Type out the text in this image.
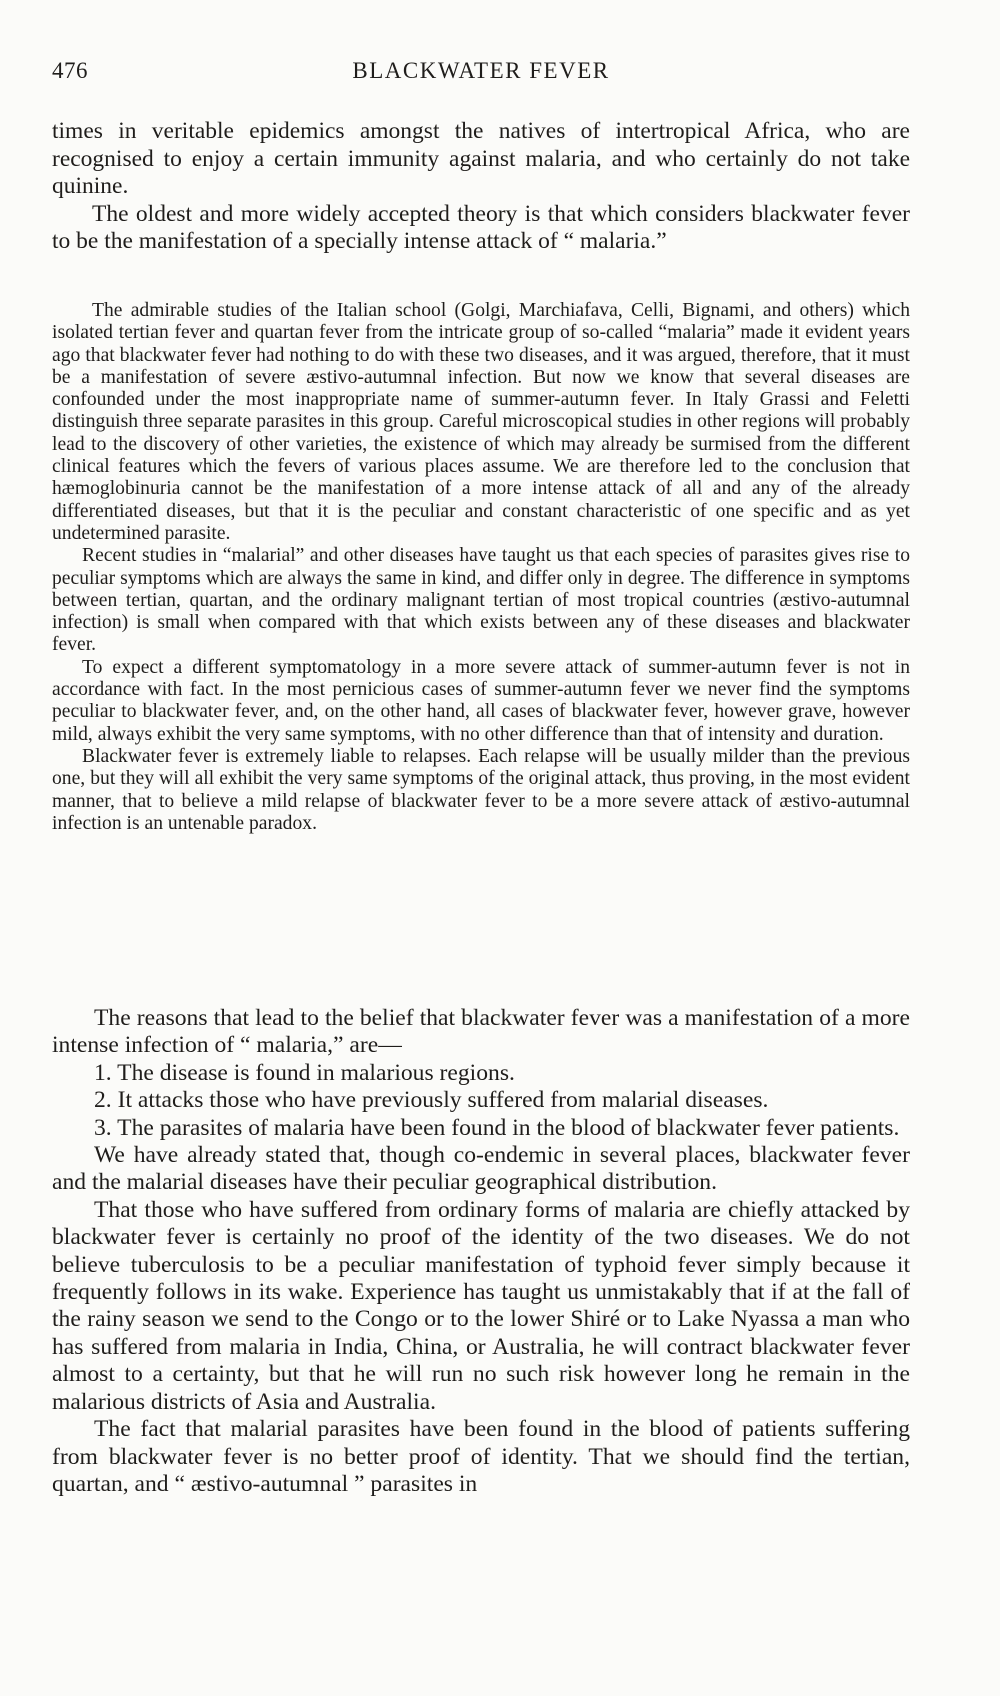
476	BLACKWATER FEVER

times in veritable epidemics amongst the natives of intertropical Africa, who are recognised to enjoy a certain immunity against malaria, and who certainly do not take quinine.

The oldest and more widely accepted theory is that which considers blackwater fever to be the manifestation of a specially intense attack of “ malaria.”

The admirable studies of the Italian school (Golgi, Marchiafava, Celli, Bignami, and others) which isolated tertian fever and quartan fever from the intricate group of so-called “malaria” made it evident years ago that blackwater fever had nothing to do with these two diseases, and it was argued, therefore, that it must be a manifestation of severe æstivo-autumnal infection. But now we know that several diseases are confounded under the most inappropriate name of summer-autumn fever. In Italy Grassi and Feletti distinguish three separate parasites in this group. Careful microscopical studies in other regions will probably lead to the discovery of other varieties, the existence of which may already be surmised from the different clinical features which the fevers of various places assume. We are therefore led to the conclusion that hæmoglobinuria cannot be the manifestation of a more intense attack of all and any of the already differentiated diseases, but that it is the peculiar and constant characteristic of one specific and as yet undetermined parasite.

Recent studies in “malarial” and other diseases have taught us that each species of parasites gives rise to peculiar symptoms which are always the same in kind, and differ only in degree. The difference in symptoms between tertian, quartan, and the ordinary malignant tertian of most tropical countries (æstivo-autumnal infection) is small when compared with that which exists between any of these diseases and blackwater fever.

To expect a different symptomatology in a more severe attack of summer-autumn fever is not in accordance with fact. In the most pernicious cases of summer-autumn fever we never find the symptoms peculiar to blackwater fever, and, on the other hand, all cases of blackwater fever, however grave, however mild, always exhibit the very same symptoms, with no other difference than that of intensity and duration.

Blackwater fever is extremely liable to relapses. Each relapse will be usually milder than the previous one, but they will all exhibit the very same symptoms of the original attack, thus proving, in the most evident manner, that to believe a mild relapse of blackwater fever to be a more severe attack of æstivo-autumnal infection is an untenable paradox.

The reasons that lead to the belief that blackwater fever was a manifestation of a more intense infection of “ malaria,” are—

1. The disease is found in malarious regions.

2. It attacks those who have previously suffered from malarial diseases.

3. The parasites of malaria have been found in the blood of blackwater fever patients.

We have already stated that, though co-endemic in several places, blackwater fever and the malarial diseases have their peculiar geographical distribution.

That those who have suffered from ordinary forms of malaria are chiefly attacked by blackwater fever is certainly no proof of the identity of the two diseases. We do not believe tuberculosis to be a peculiar manifestation of typhoid fever simply because it frequently follows in its wake. Experience has taught us unmistakably that if at the fall of the rainy season we send to the Congo or to the lower Shiré or to Lake Nyassa a man who has suffered from malaria in India, China, or Australia, he will contract blackwater fever almost to a certainty, but that he will run no such risk however long he remain in the malarious districts of Asia and Australia.

The fact that malarial parasites have been found in the blood of patients suffering from blackwater fever is no better proof of identity. That we should find the tertian, quartan, and “ æstivo-autumnal ” parasites in
